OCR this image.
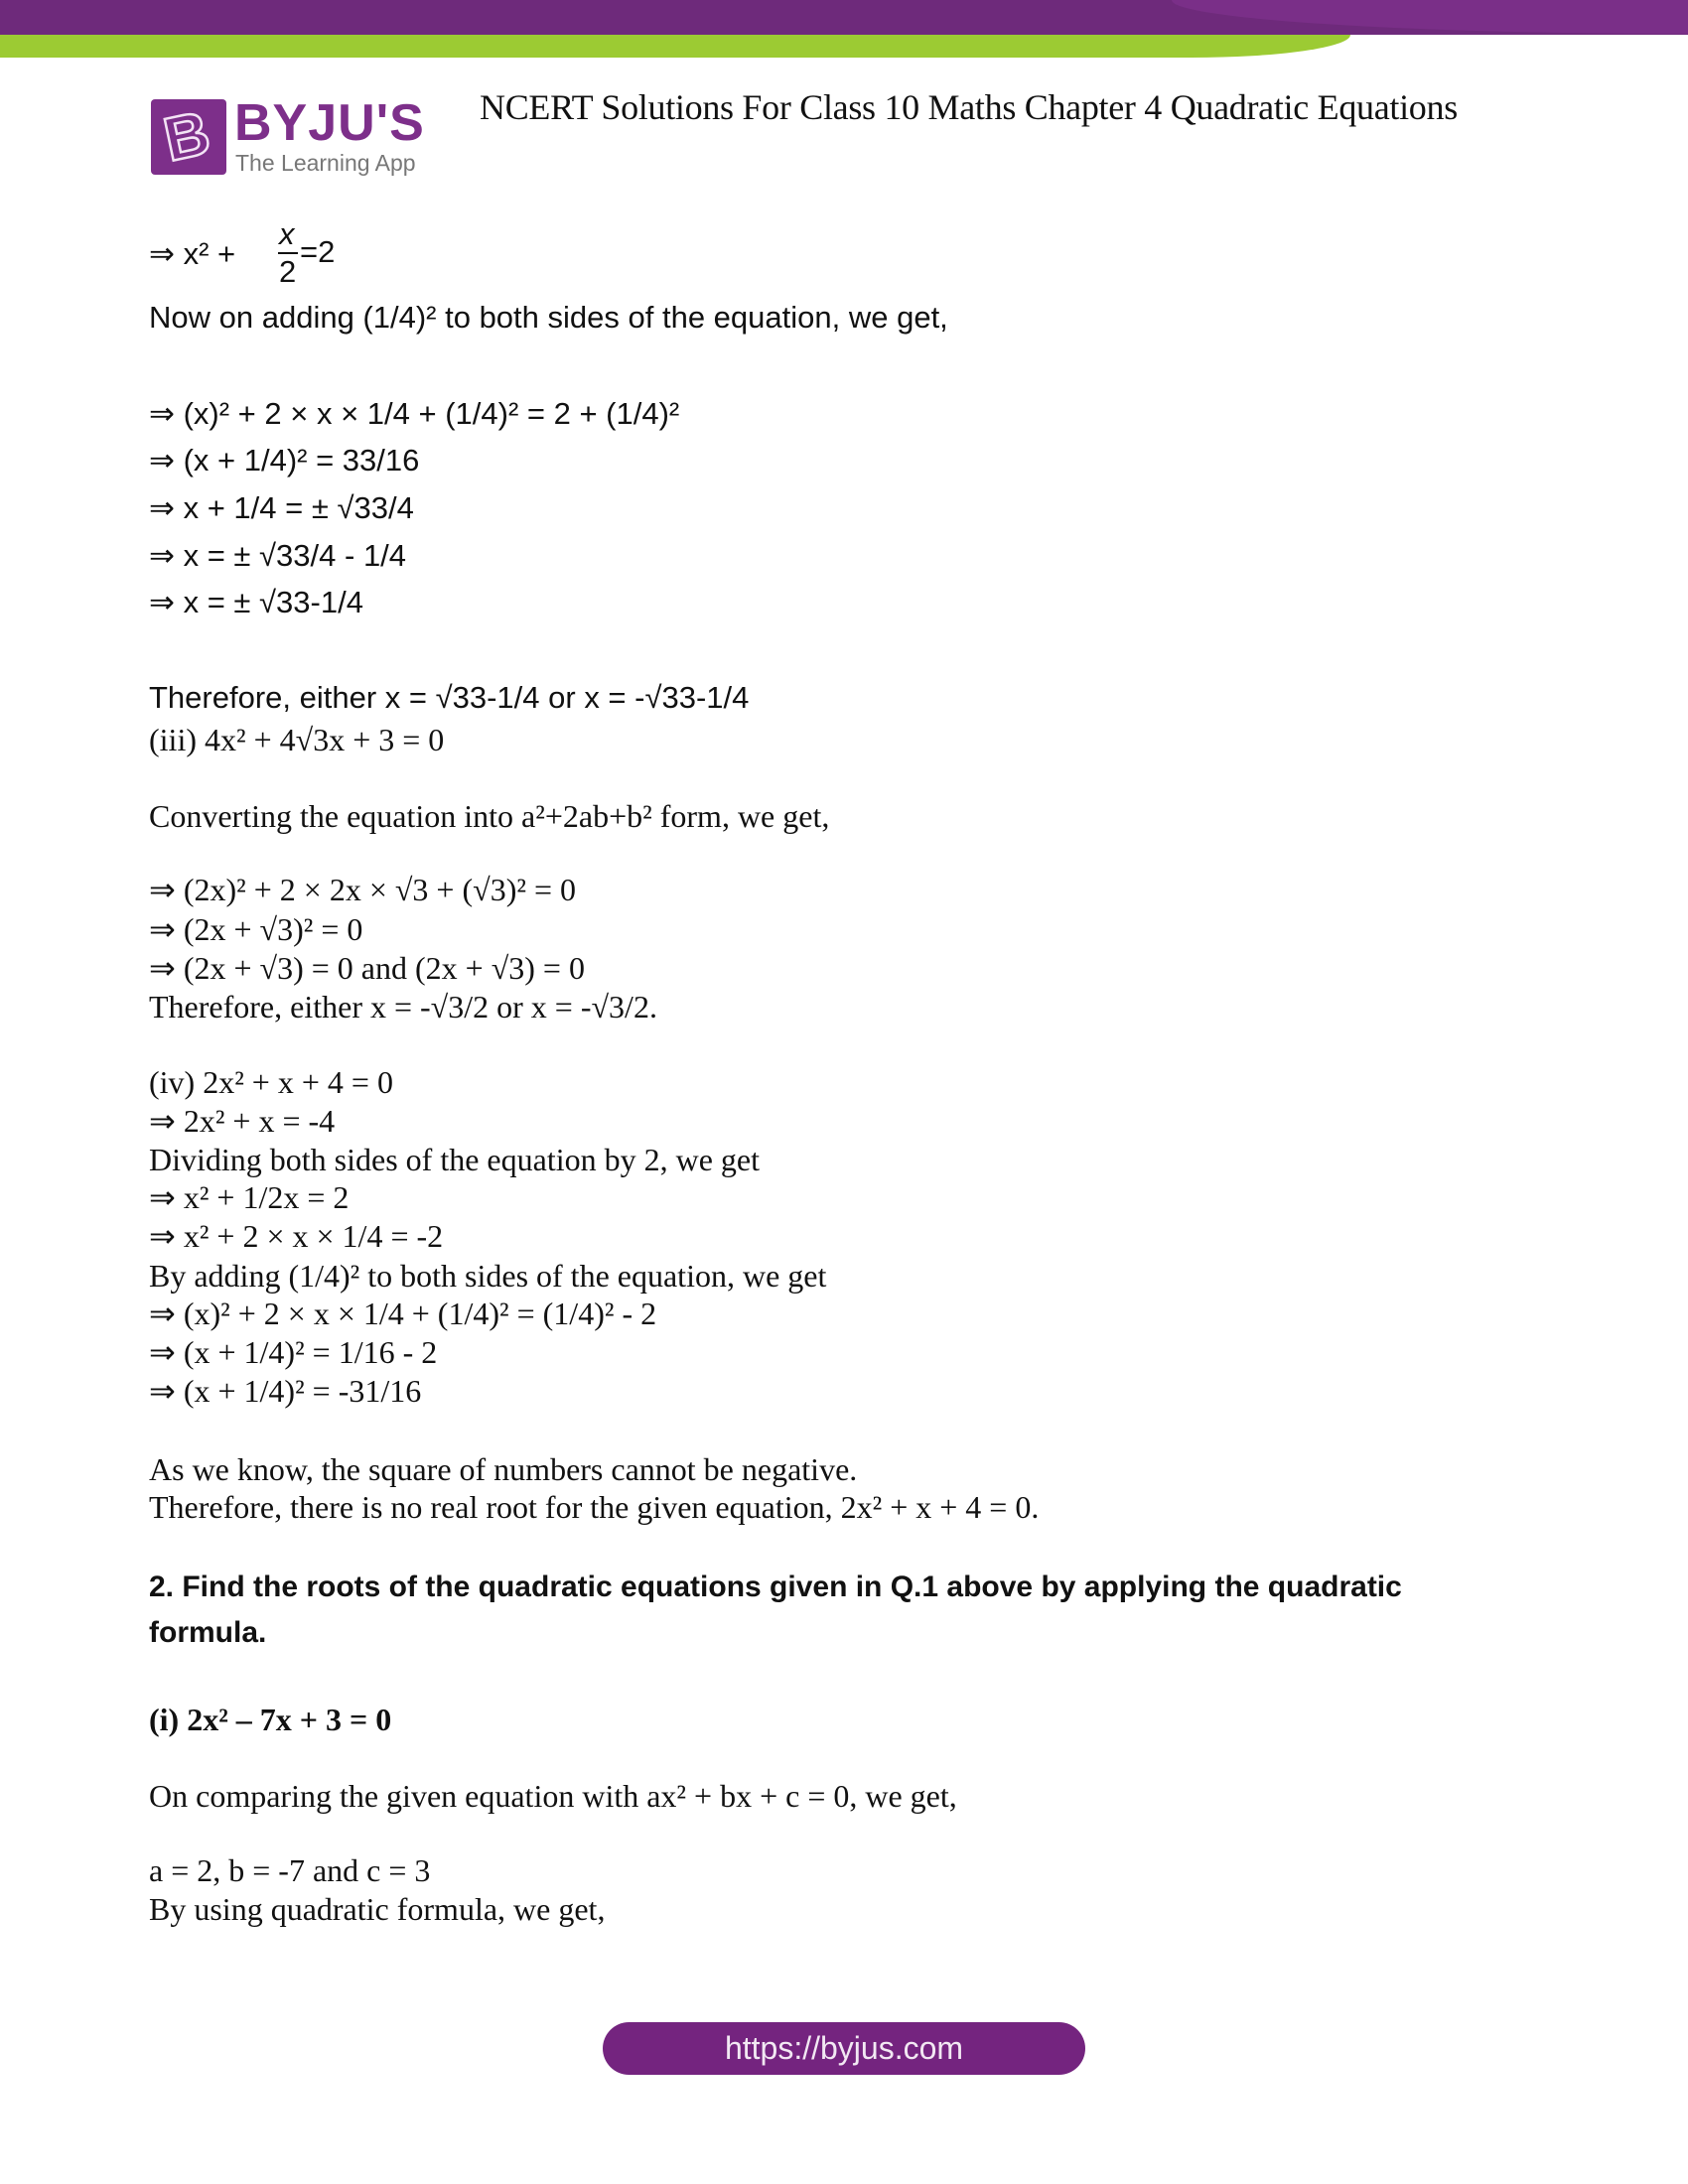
B BYJU'S
The Learning App
NCERT Solutions For Class 10 Maths Chapter 4 Quadratic Equations
⇒ x² +
x
2
=2
Now on adding (1/4)² to both sides of the equation, we get,
⇒ (x)² + 2 × x × 1/4 + (1/4)² = 2 + (1/4)²
⇒ (x + 1/4)² = 33/16
⇒ x + 1/4 = ± √33/4
⇒ x = ± √33/4 - 1/4
⇒ x = ± √33-1/4
Therefore, either x = √33-1/4 or x = -√33-1/4
(iii) 4x² + 4√3x + 3 = 0
Converting the equation into a²+2ab+b² form, we get,
⇒ (2x)² + 2 × 2x × √3 + (√3)² = 0
⇒ (2x + √3)² = 0
⇒ (2x + √3) = 0 and (2x + √3) = 0
Therefore, either x = -√3/2 or x = -√3/2.
(iv) 2x² + x + 4 = 0
⇒ 2x² + x = -4
Dividing both sides of the equation by 2, we get
⇒ x² + 1/2x = 2
⇒ x² + 2 × x × 1/4 = -2
By adding (1/4)² to both sides of the equation, we get
⇒ (x)² + 2 × x × 1/4 + (1/4)² = (1/4)² - 2
⇒ (x + 1/4)² = 1/16 - 2
⇒ (x + 1/4)² = -31/16
As we know, the square of numbers cannot be negative.
Therefore, there is no real root for the given equation, 2x² + x + 4 = 0.
2. Find the roots of the quadratic equations given in Q.1 above by applying the quadratic
formula.
(i) 2x² – 7x + 3 = 0
On comparing the given equation with ax² + bx + c = 0, we get,
a = 2, b = -7 and c = 3
By using quadratic formula, we get,
https://byjus.com
